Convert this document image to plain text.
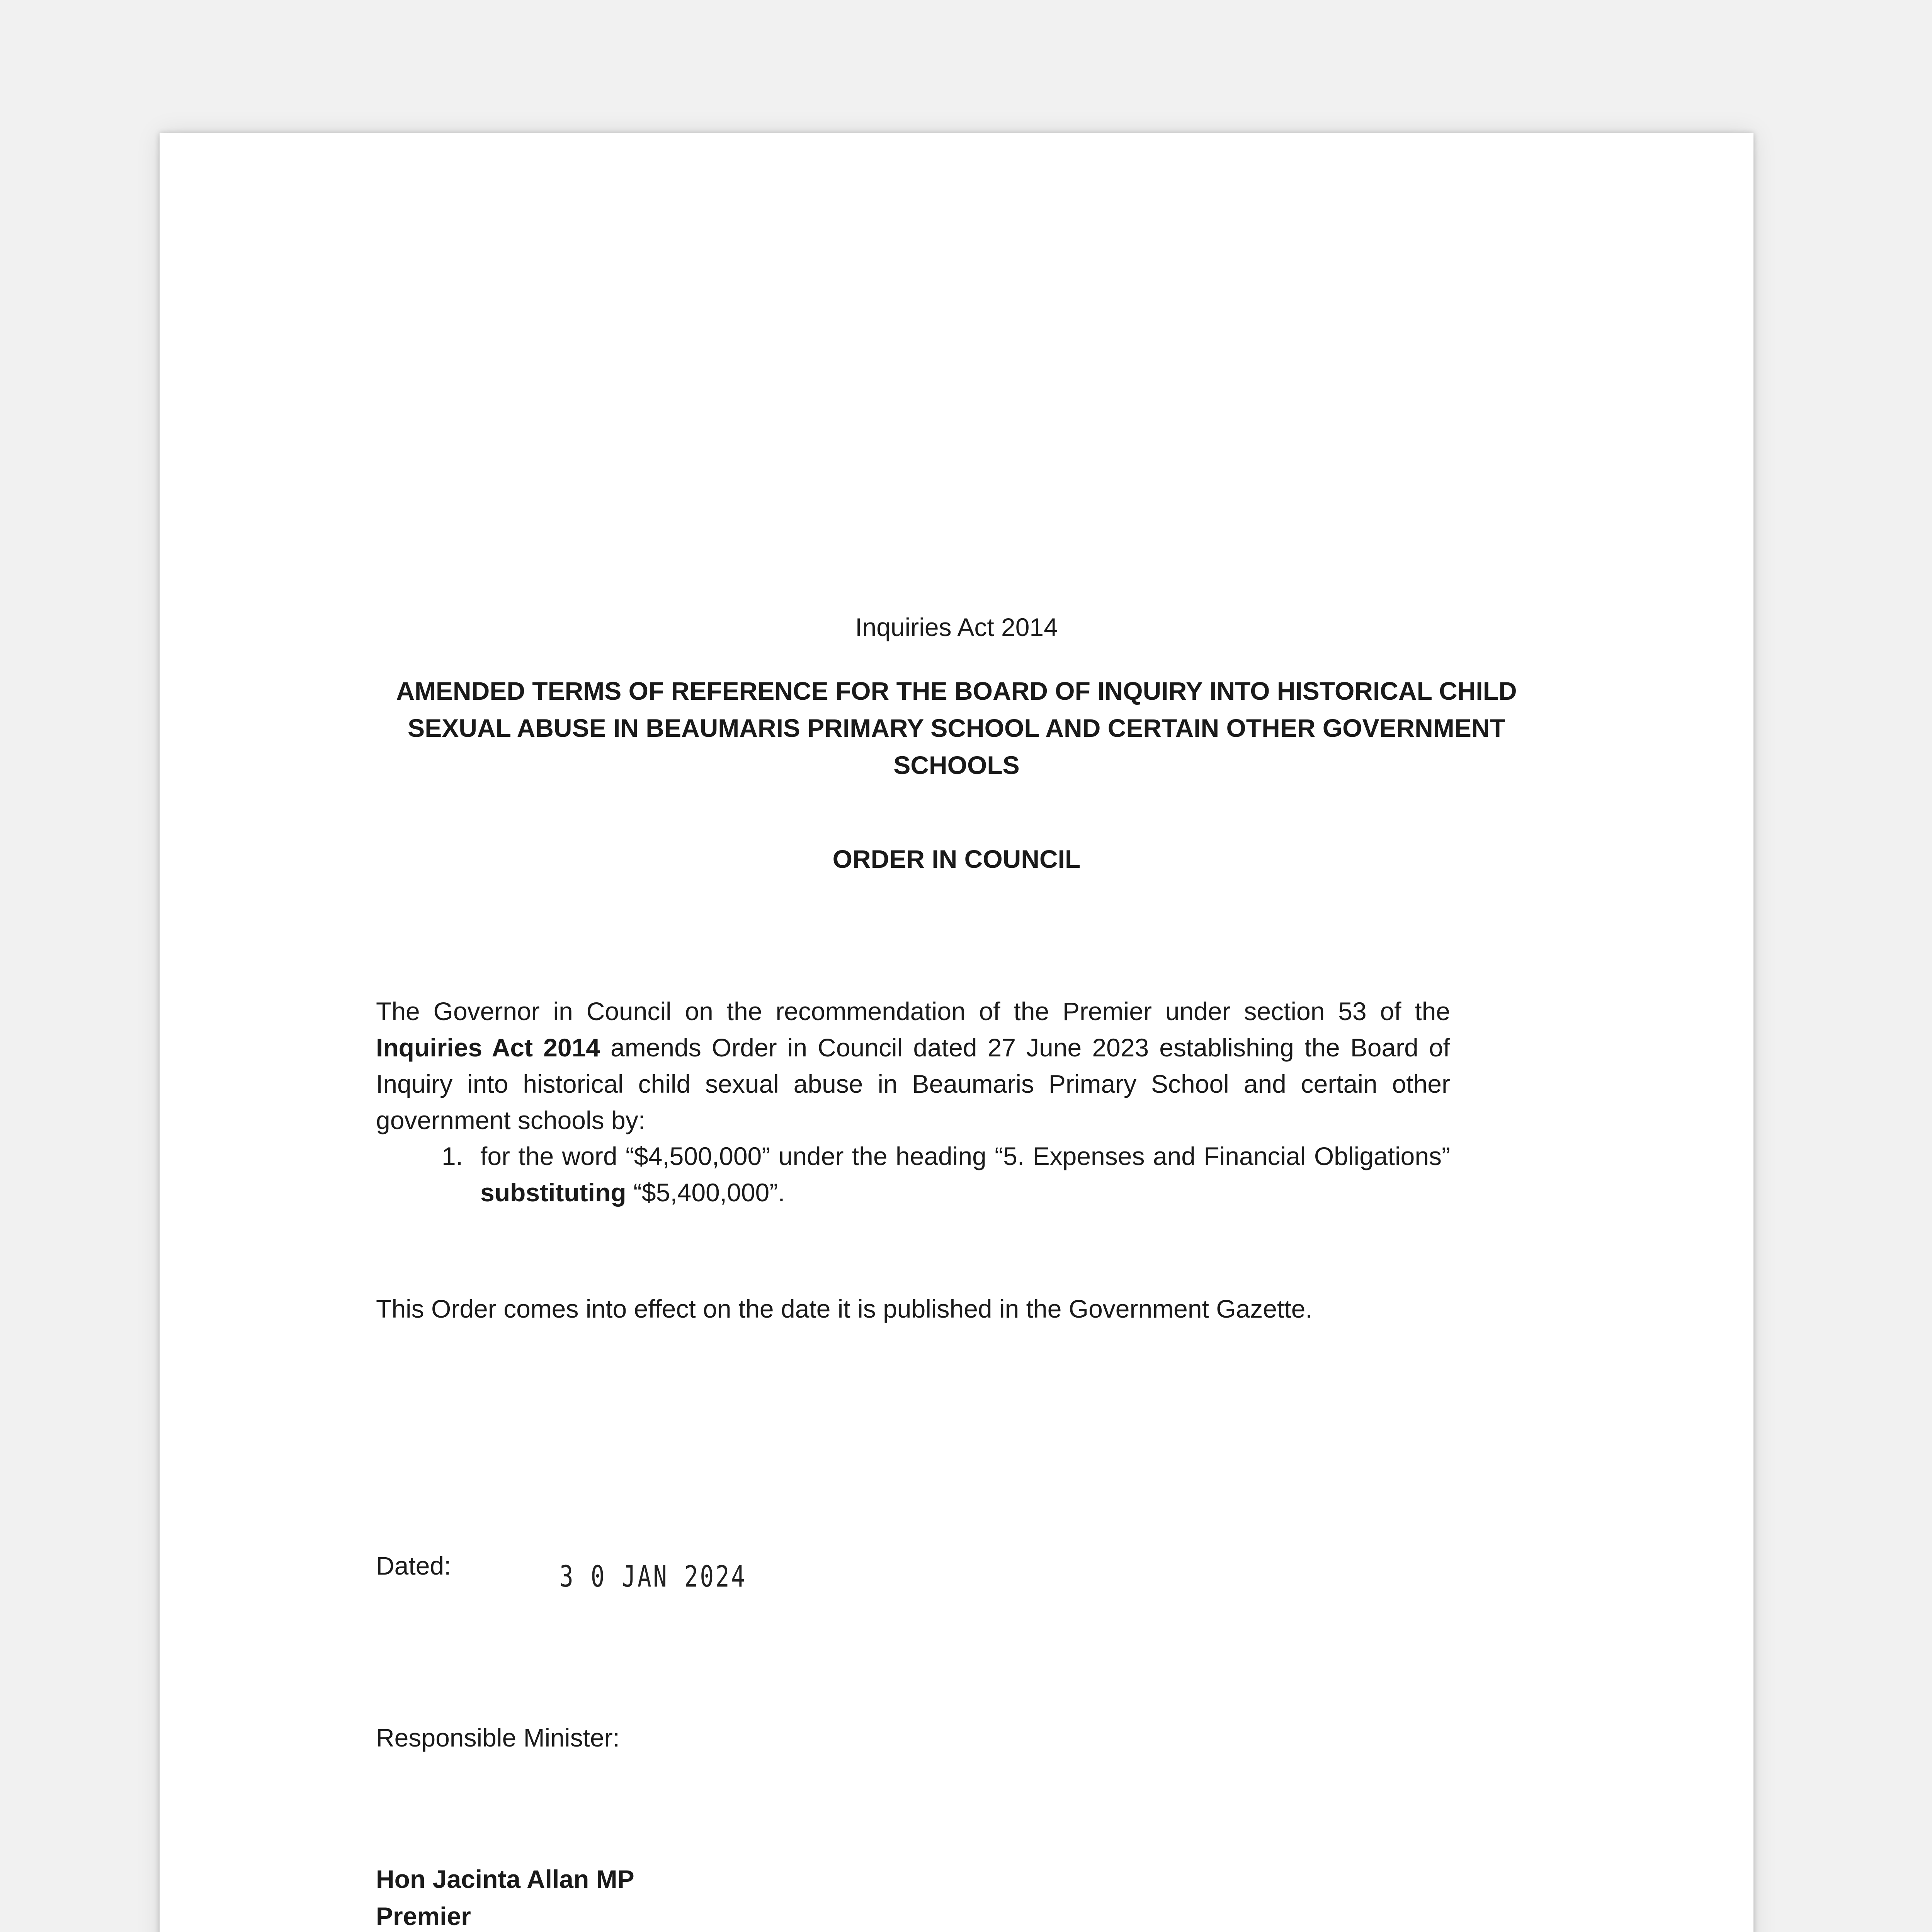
Inquiries Act 2014
AMENDED TERMS OF REFERENCE FOR THE BOARD OF INQUIRY INTO HISTORICAL CHILD
SEXUAL ABUSE IN BEAUMARIS PRIMARY SCHOOL AND CERTAIN OTHER GOVERNMENT
SCHOOLS
ORDER IN COUNCIL
The Governor in Council on the recommendation of the Premier under section 53 of the Inquiries Act 2014 amends Order in Council dated 27 June 2023 establishing the Board of Inquiry into historical child sexual abuse in Beaumaris Primary School and certain other government schools by:
1. for the word “$4,500,000” under the heading “5. Expenses and Financial Obligations” substituting “$5,400,000”.
This Order comes into effect on the date it is published in the Government Gazette.
Dated:	3 0 JAN 2024
Responsible Minister:
Hon Jacinta Allan MP
Premier
